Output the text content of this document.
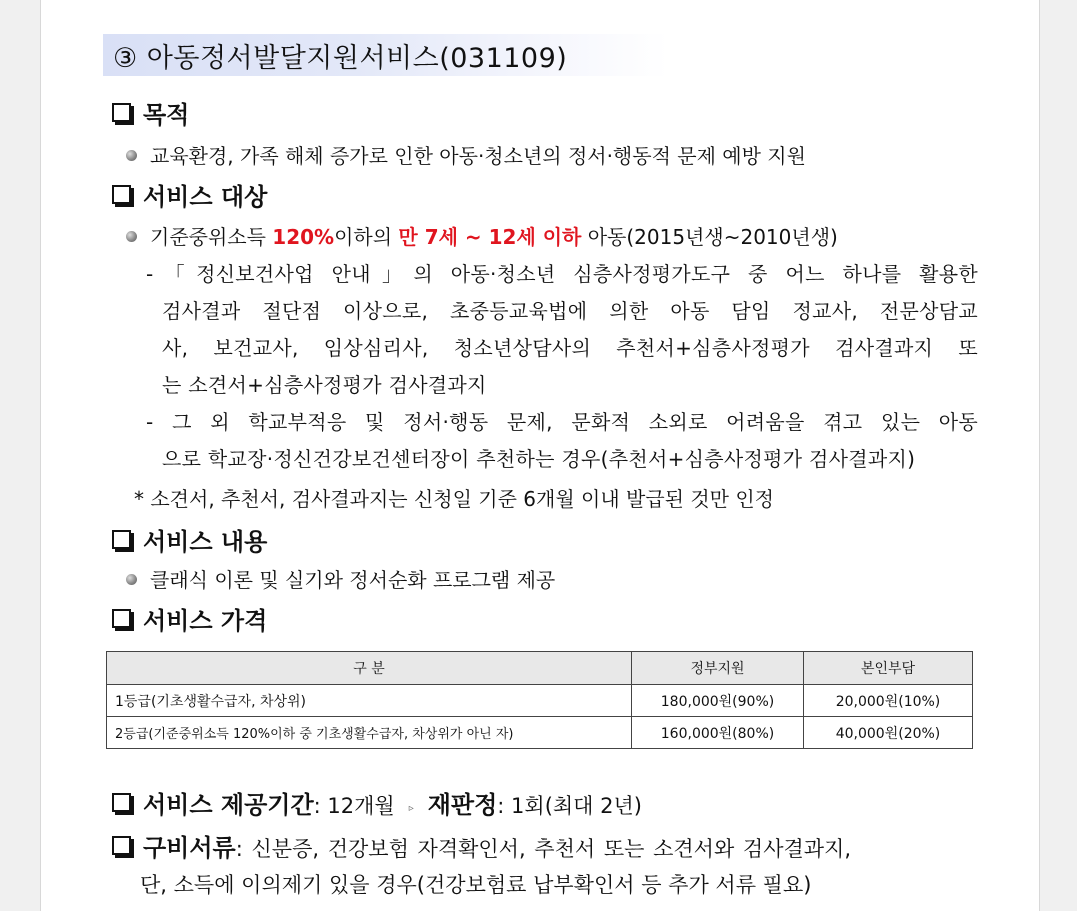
③ 아동정서발달지원서비스(031109)
목적
교육환경, 가족 해체 증가로 인한 아동·청소년의 정서·행동적 문제 예방 지원
서비스 대상
기준중위소득 120%이하의 만 7세 ~ 12세 이하 아동(2015년생~2010년생)
-「정신보건사업 안내」의 아동·청소년 심층사정평가도구 중 어느 하나를 활용한
검사결과 절단점 이상으로, 초중등교육법에 의한 아동 담임 정교사, 전문상담교
사, 보건교사, 임상심리사, 청소년상담사의 추천서+심층사정평가 검사결과지 또
는 소견서+심층사정평가 검사결과지
- 그 외 학교부적응 및 정서·행동 문제, 문화적 소외로 어려움을 겪고 있는 아동
으로 학교장·정신건강보건센터장이 추천하는 경우(추천서+심층사정평가 검사결과지)
* 소견서, 추천서, 검사결과지는 신청일 기준 6개월 이내 발급된 것만 인정
서비스 내용
클래식 이론 및 실기와 정서순화 프로그램 제공
서비스 가격
구 분	정부지원	본인부담
1등급(기초생활수급자, 차상위)	180,000원(90%)	20,000원(10%)
2등급(기준중위소득 120%이하 중 기초생활수급자, 차상위가 아닌 자)	160,000원(80%)	40,000원(20%)
서비스 제공기간: 12개월 ▹ 재판정: 1회(최대 2년)
구비서류: 신분증, 건강보험 자격확인서, 추천서 또는 소견서와 검사결과지,
단, 소득에 이의제기 있을 경우(건강보험료 납부확인서 등 추가 서류 필요)
